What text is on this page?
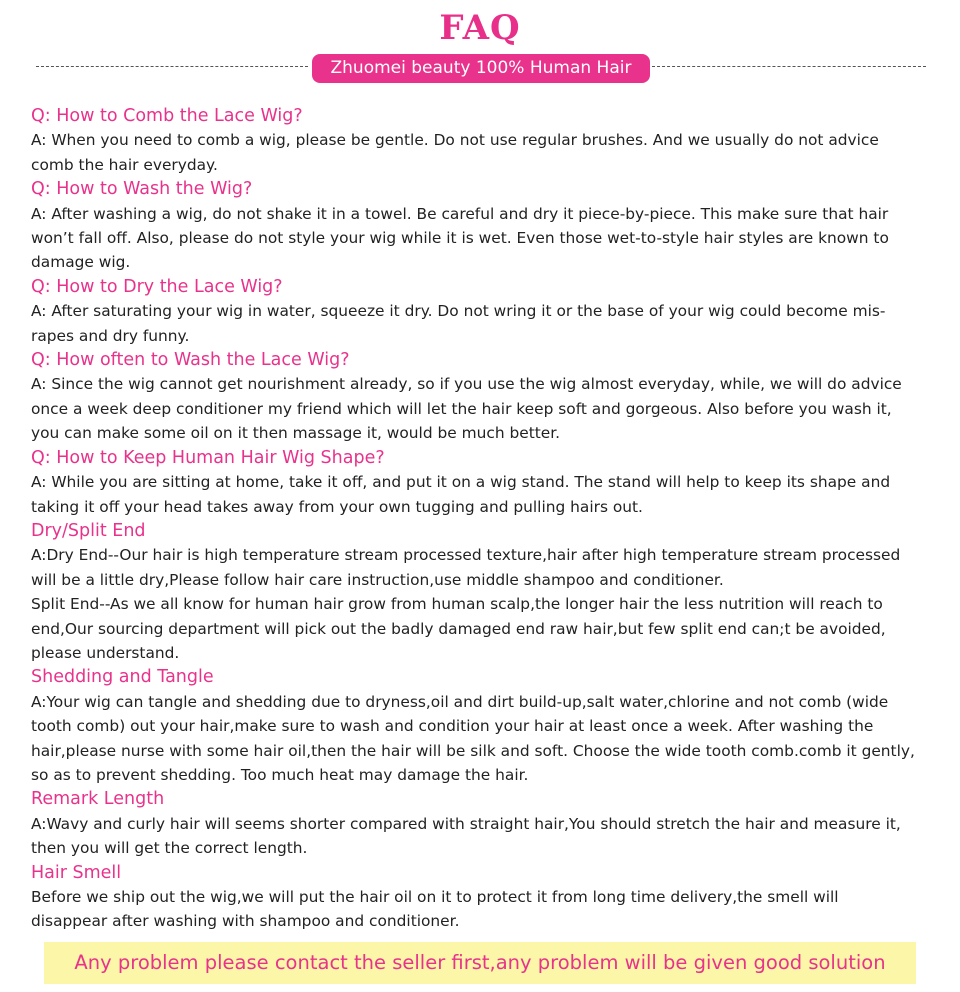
FAQ
Zhuomei beauty 100% Human Hair
Q: How to Comb the Lace Wig?
A: When you need to comb a wig, please be gentle. Do not use regular brushes. And we usually do not advice
comb the hair everyday.
Q: How to Wash the Wig?
A: After washing a wig, do not shake it in a towel. Be careful and dry it piece-by-piece. This make sure that hair
won’t fall off. Also, please do not style your wig while it is wet. Even those wet-to-style hair styles are known to
damage wig.
Q: How to Dry the Lace Wig?
A: After saturating your wig in water, squeeze it dry. Do not wring it or the base of your wig could become mis-
rapes and dry funny.
Q: How often to Wash the Lace Wig?
A: Since the wig cannot get nourishment already, so if you use the wig almost everyday, while, we will do advice
once a week deep conditioner my friend which will let the hair keep soft and gorgeous. Also before you wash it,
you can make some oil on it then massage it, would be much better.
Q: How to Keep Human Hair Wig Shape?
A: While you are sitting at home, take it off, and put it on a wig stand. The stand will help to keep its shape and
taking it off your head takes away from your own tugging and pulling hairs out.
Dry/Split End
A:Dry End--Our hair is high temperature stream processed texture,hair after high temperature stream processed
will be a little dry,Please follow hair care instruction,use middle shampoo and conditioner.
Split End--As we all know for human hair grow from human scalp,the longer hair the less nutrition will reach to
end,Our sourcing department will pick out the badly damaged end raw hair,but few split end can;t be avoided,
please understand.
Shedding and Tangle
A:Your wig can tangle and shedding due to dryness,oil and dirt build-up,salt water,chlorine and not comb (wide
tooth comb) out your hair,make sure to wash and condition your hair at least once a week. After washing the
hair,please nurse with some hair oil,then the hair will be silk and soft. Choose the wide tooth comb.comb it gently,
so as to prevent shedding. Too much heat may damage the hair.
Remark Length
A:Wavy and curly hair will seems shorter compared with straight hair,You should stretch the hair and measure it,
then you will get the correct length.
Hair Smell
Before we ship out the wig,we will put the hair oil on it to protect it from long time delivery,the smell will
disappear after washing with shampoo and conditioner.
Any problem please contact the seller first,any problem will be given good solution
